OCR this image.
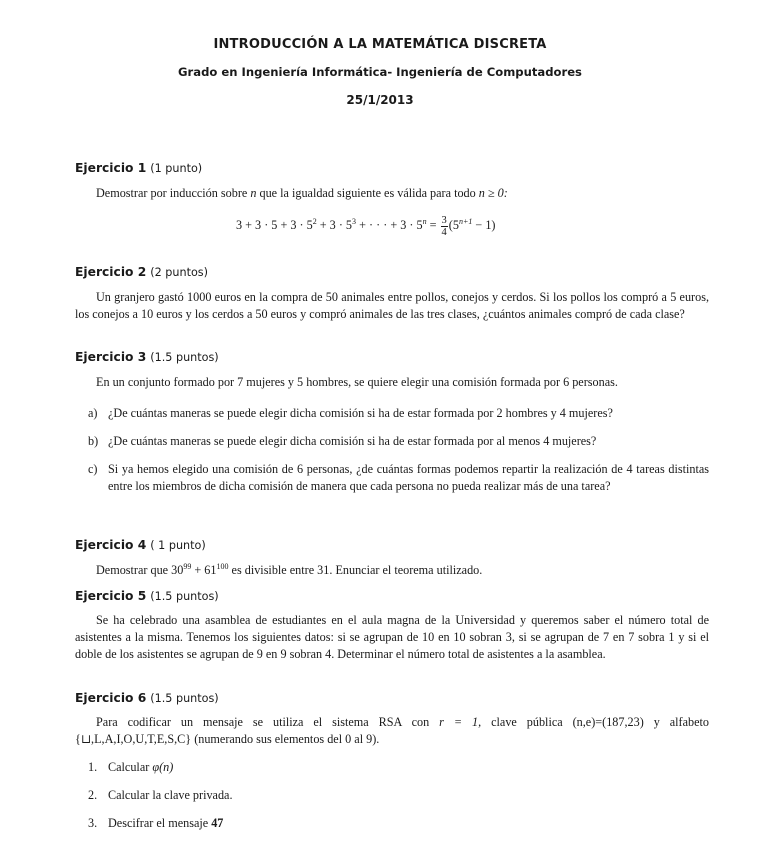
INTRODUCCIÓN A LA MATEMÁTICA DISCRETA
Grado en Ingeniería Informática- Ingeniería de Computadores
25/1/2013
Ejercicio 1 (1 punto)
Demostrar por inducción sobre n que la igualdad siguiente es válida para todo n ≥ 0:
$3 + 3 \cdot 5 + 3 \cdot 5^2 + 3 \cdot 5^3$ + · · · + $3 \cdot 5^n = \frac{3}{4} (5^{n+1} - 1)$
Ejercicio 2 (2 puntos)
Un granjero gastó 1000 euros en la compra de 50 animales entre pollos, conejos y cerdos. Si los pollos los compró a 5 euros, los conejos a 10 euros y los cerdos a 50 euros y compró animales de las tres clases, ¿cuántos animales compró de cada clase?
Ejercicio 3 (1.5 puntos)
En un conjunto formado por 7 mujeres y 5 hombres, se quiere elegir una comisión formada por 6 personas.
a) ¿De cuántas maneras se puede elegir dicha comisión si ha de estar formada por 2 hombres y 4 mujeres?
b) ¿De cuántas maneras se puede elegir dicha comisión si ha de estar formada por al menos 4 mujeres?
c) Si ya hemos elegido una comisión de 6 personas, ¿de cuántas formas podemos repartir la realización de 4 tareas distintas entre los miembros de dicha comisión de manera que cada persona no pueda realizar más de una tarea?
Ejercicio 4 ( 1 punto)
Demostrar que $30^{99} + 61^{100}$ es divisible entre 31. Enunciar el teorema utilizado.
Ejercicio 5 (1.5 puntos)
Se ha celebrado una asamblea de estudiantes en el aula magna de la Universidad y queremos saber el número total de asistentes a la misma. Tenemos los siguientes datos: si se agrupan de 10 en 10 sobran 3, si se agrupan de 7 en 7 sobra 1 y si el doble de los asistentes se agrupan de 9 en 9 sobran 4. Determinar el número total de asistentes a la asamblea.
Ejercicio 6 (1.5 puntos)
Para codificar un mensaje se utiliza el sistema RSA con r = 1, clave pública (n,e)=(187,23) y alfabeto {⊔,L,A,I,O,U,T,E,S,C} (numerando sus elementos del 0 al 9).
1. Calcular φ(n)
2. Calcular la clave privada.
3. Descifrar el mensaje 47
